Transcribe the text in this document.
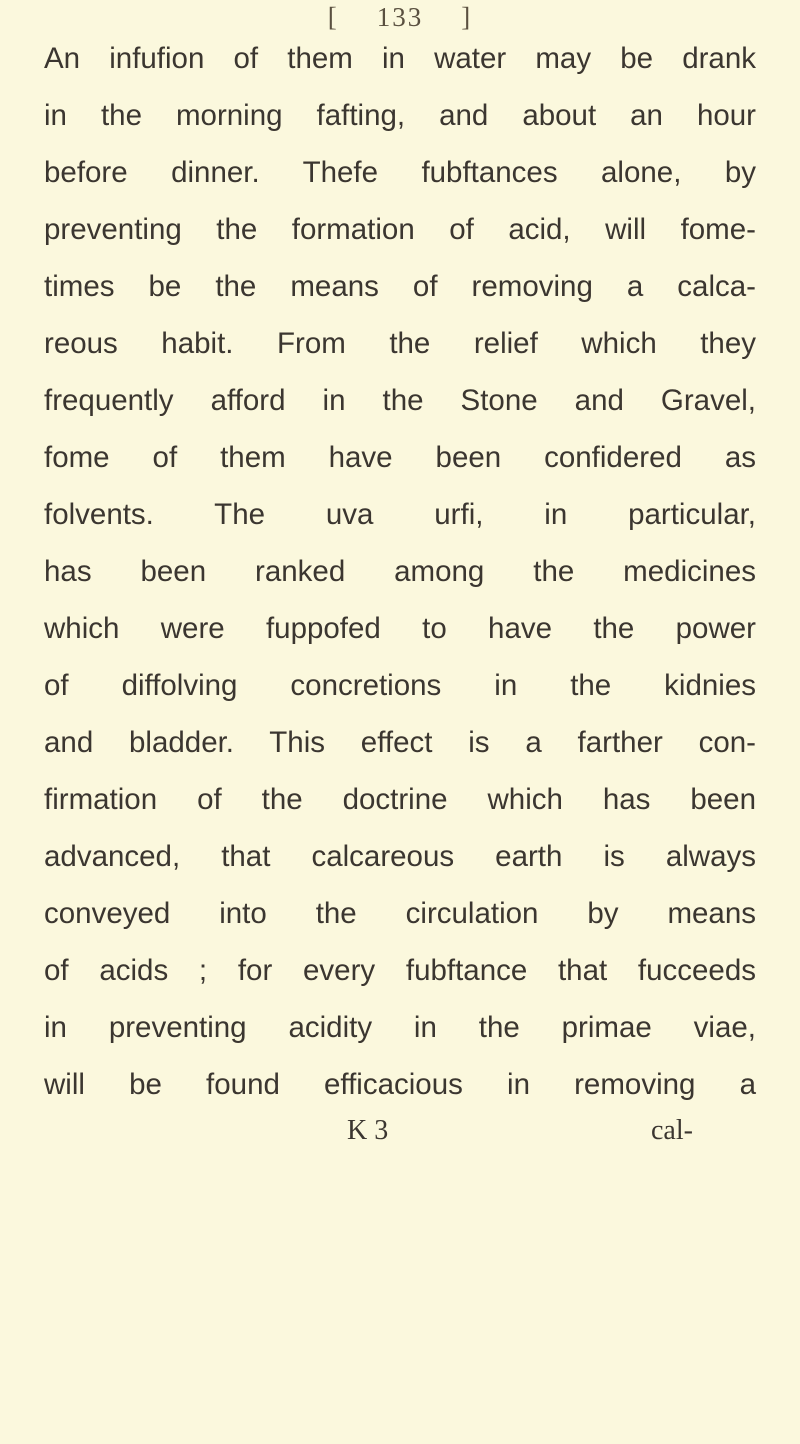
[ 133 ]
An infufion of them in water may be drank
in the morning fafting, and about an hour
before dinner. Thefe fubftances alone, by
preventing the formation of acid, will fome-
times be the means of removing a calca-
reous habit. From the relief which they
frequently afford in the Stone and Gravel,
fome of them have been confidered as
folvents. The uva urfi, in particular,
has been ranked among the medicines
which were fuppofed to have the power
of diffolving concretions in the kidnies
and bladder. This effect is a farther con-
firmation of the doctrine which has been
advanced, that calcareous earth is always
conveyed into the circulation by means
of acids ; for every fubftance that fucceeds
in preventing acidity in the primae viae,
will be found efficacious in removing a
K 3	cal-
